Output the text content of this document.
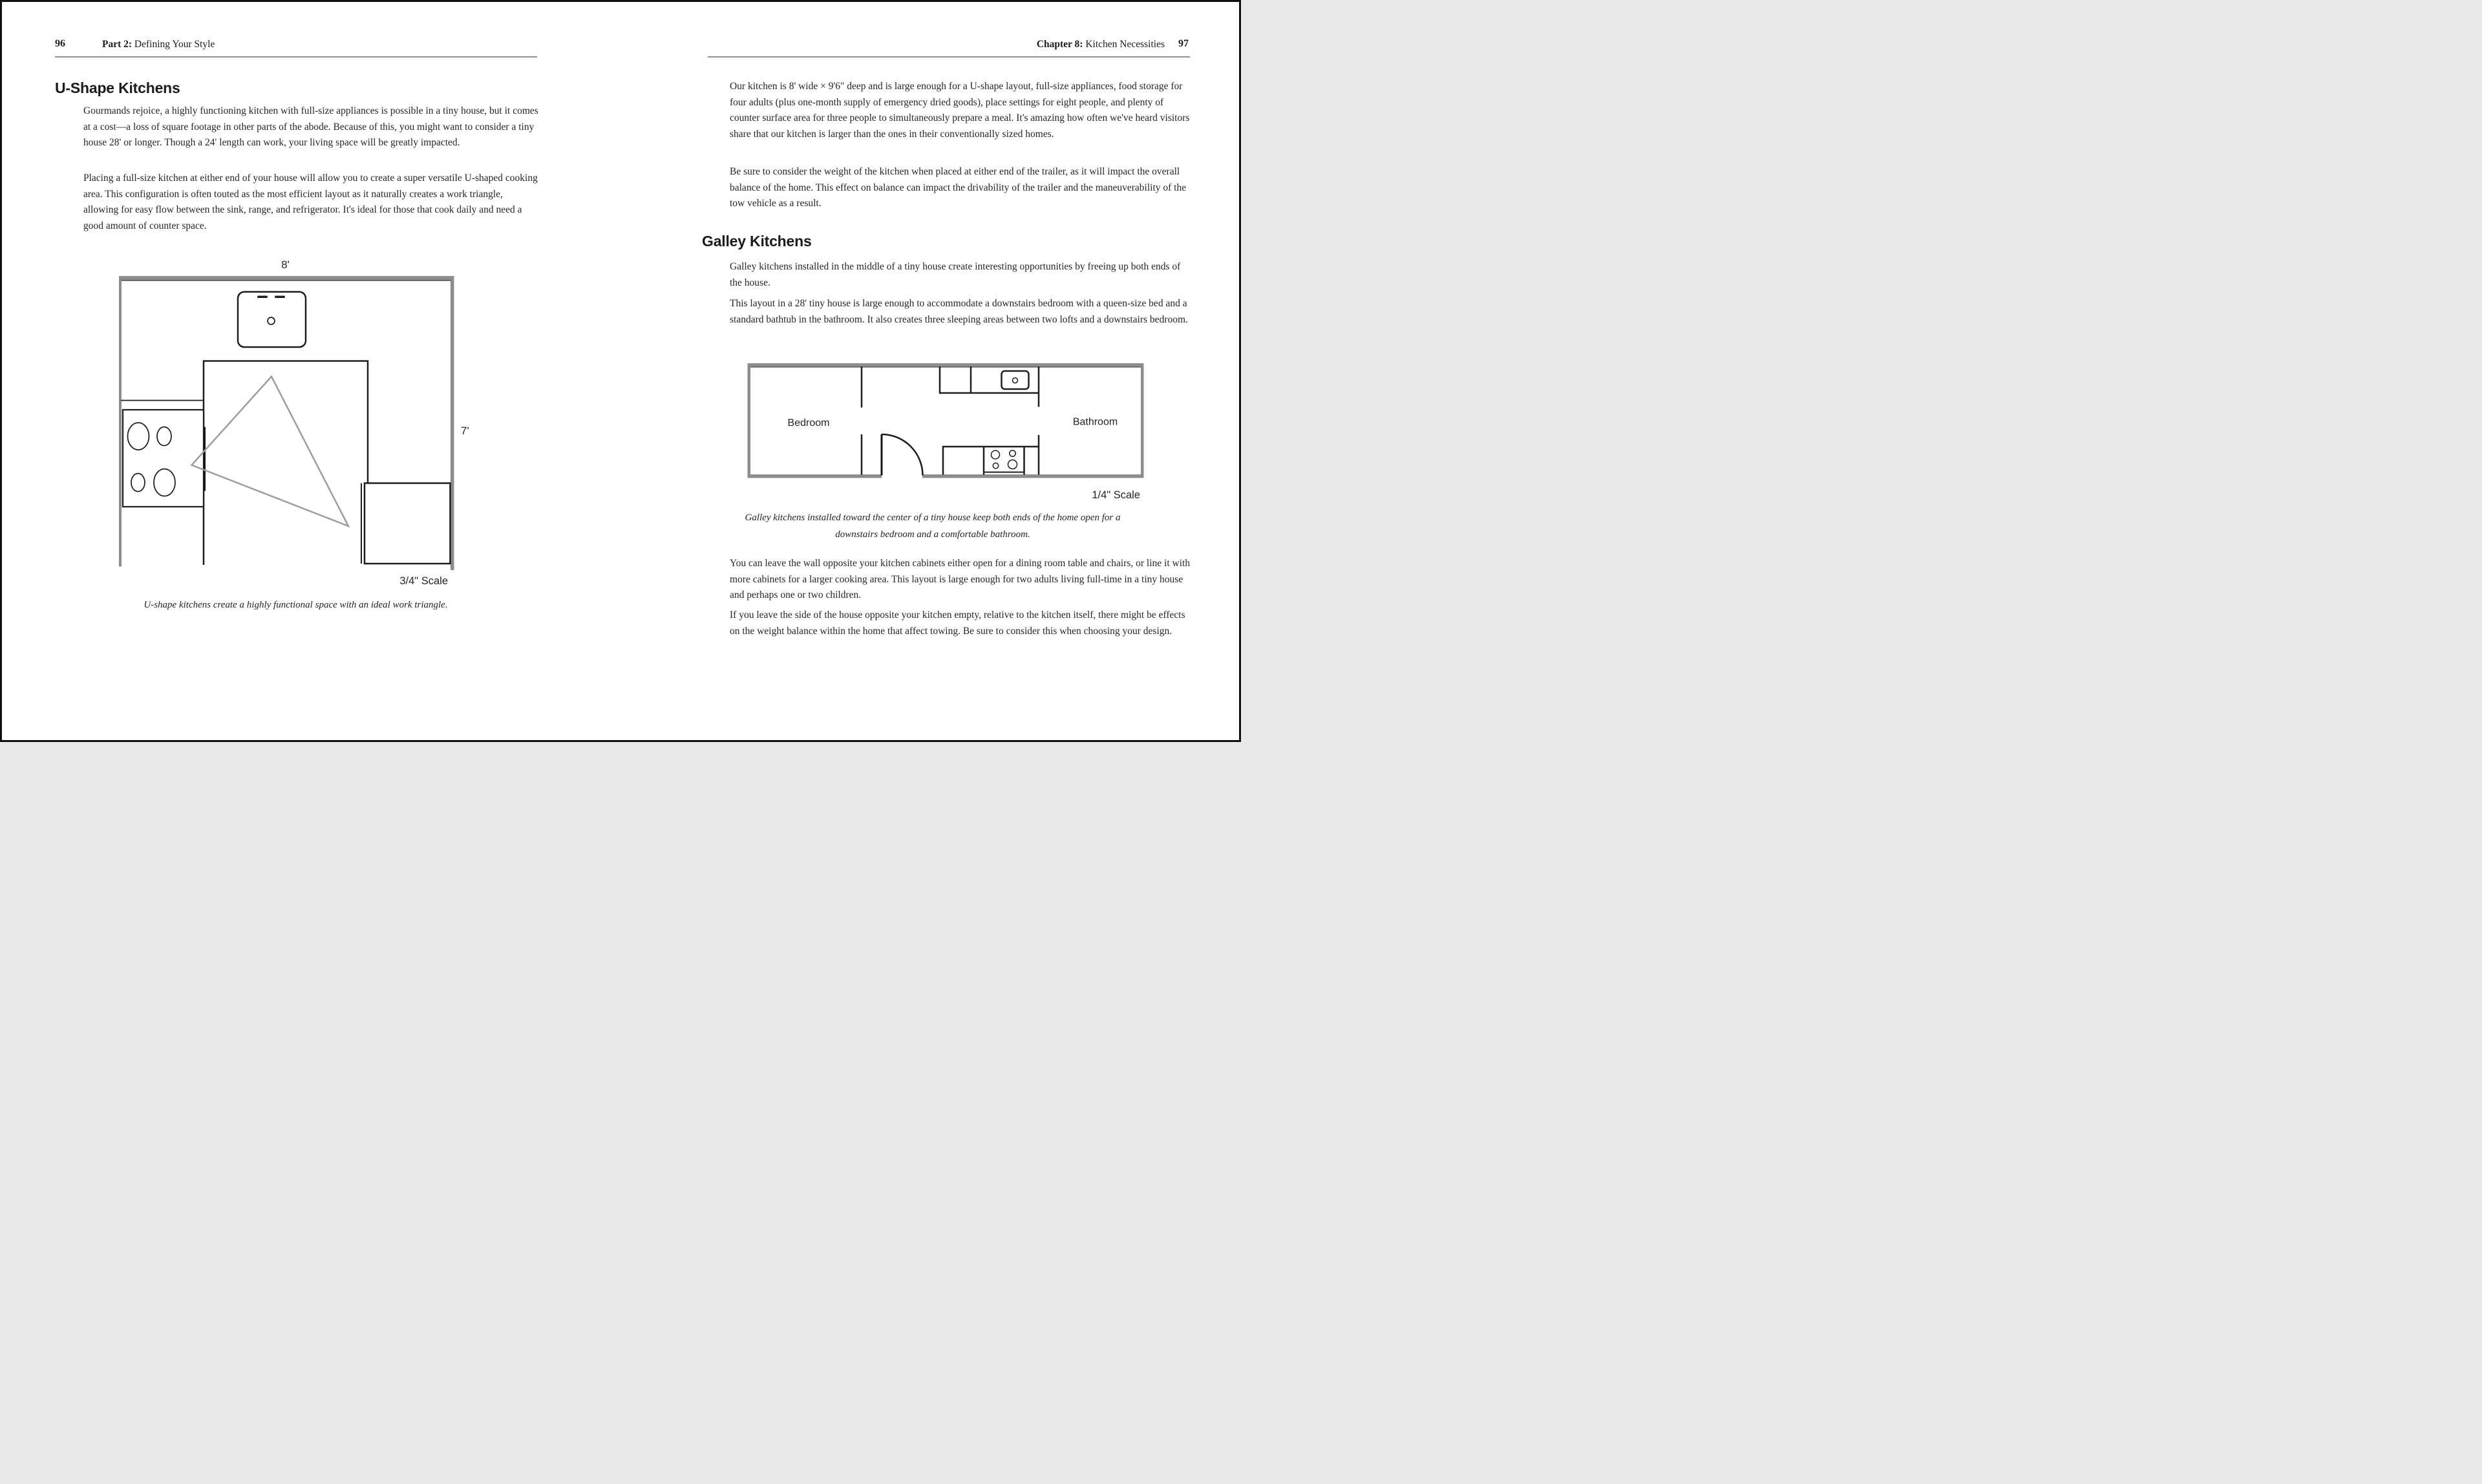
96	Part 2: Defining Your Style	Chapter 8: Kitchen Necessities 97
U-Shape Kitchens
Gourmands rejoice, a highly functioning kitchen with full-size appliances is possible in a tiny house, but it comes at a cost—a loss of square footage in other parts of the abode. Because of this, you might want to consider a tiny house 28' or longer. Though a 24' length can work, your living space will be greatly impacted.
Placing a full-size kitchen at either end of your house will allow you to create a super versatile U-shaped cooking area. This configuration is often touted as the most efficient layout as it naturally creates a work triangle, allowing for easy flow between the sink, range, and refrigerator. It's ideal for those that cook daily and need a good amount of counter space.
8'
7'
3/4" Scale
U-shape kitchens create a highly functional space with an ideal work triangle.
Our kitchen is 8' wide × 9'6" deep and is large enough for a U-shape layout, full-size appliances, food storage for four adults (plus one-month supply of emergency dried goods), place settings for eight people, and plenty of counter surface area for three people to simultaneously prepare a meal. It's amazing how often we've heard visitors share that our kitchen is larger than the ones in their conventionally sized homes.
Be sure to consider the weight of the kitchen when placed at either end of the trailer, as it will impact the overall balance of the home. This effect on balance can impact the drivability of the trailer and the maneuverability of the tow vehicle as a result.
Galley Kitchens
Galley kitchens installed in the middle of a tiny house create interesting opportunities by freeing up both ends of the house.
This layout in a 28' tiny house is large enough to accommodate a downstairs bedroom with a queen-size bed and a standard bathtub in the bathroom. It also creates three sleeping areas between two lofts and a downstairs bedroom.
Bedroom	Bathroom
1/4" Scale
Galley kitchens installed toward the center of a tiny house keep both ends of the home open for a
downstairs bedroom and a comfortable bathroom.
You can leave the wall opposite your kitchen cabinets either open for a dining room table and chairs, or line it with more cabinets for a larger cooking area. This layout is large enough for two adults living full-time in a tiny house and perhaps one or two children.
If you leave the side of the house opposite your kitchen empty, relative to the kitchen itself, there might be effects on the weight balance within the home that affect towing. Be sure to consider this when choosing your design.
